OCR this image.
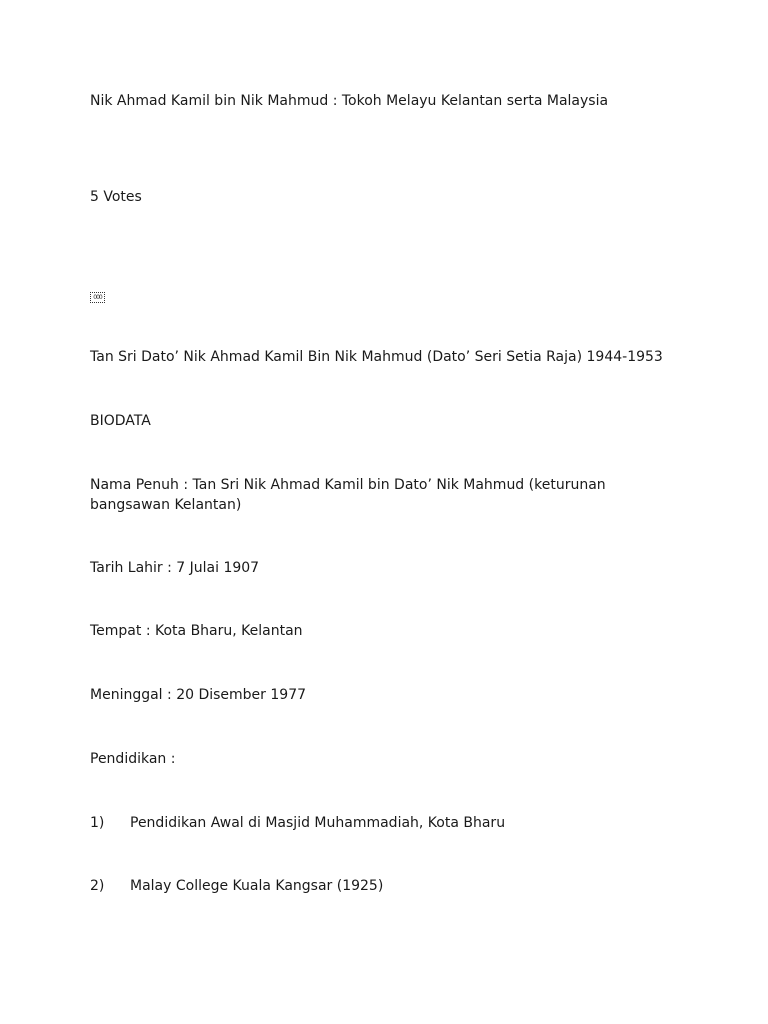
Nik Ahmad Kamil bin Nik Mahmud : Tokoh Melayu Kelantan serta Malaysia
5 Votes
000
Tan Sri Dato’ Nik Ahmad Kamil Bin Nik Mahmud (Dato’ Seri Setia Raja) 1944-1953
BIODATA
Nama Penuh : Tan Sri Nik Ahmad Kamil bin Dato’ Nik Mahmud (keturunan bangsawan Kelantan)
Tarih Lahir : 7 Julai 1907
Tempat : Kota Bharu, Kelantan
Meninggal : 20 Disember 1977
Pendidikan :
1) Pendidikan Awal di Masjid Muhammadiah, Kota Bharu
2) Malay College Kuala Kangsar (1925)
